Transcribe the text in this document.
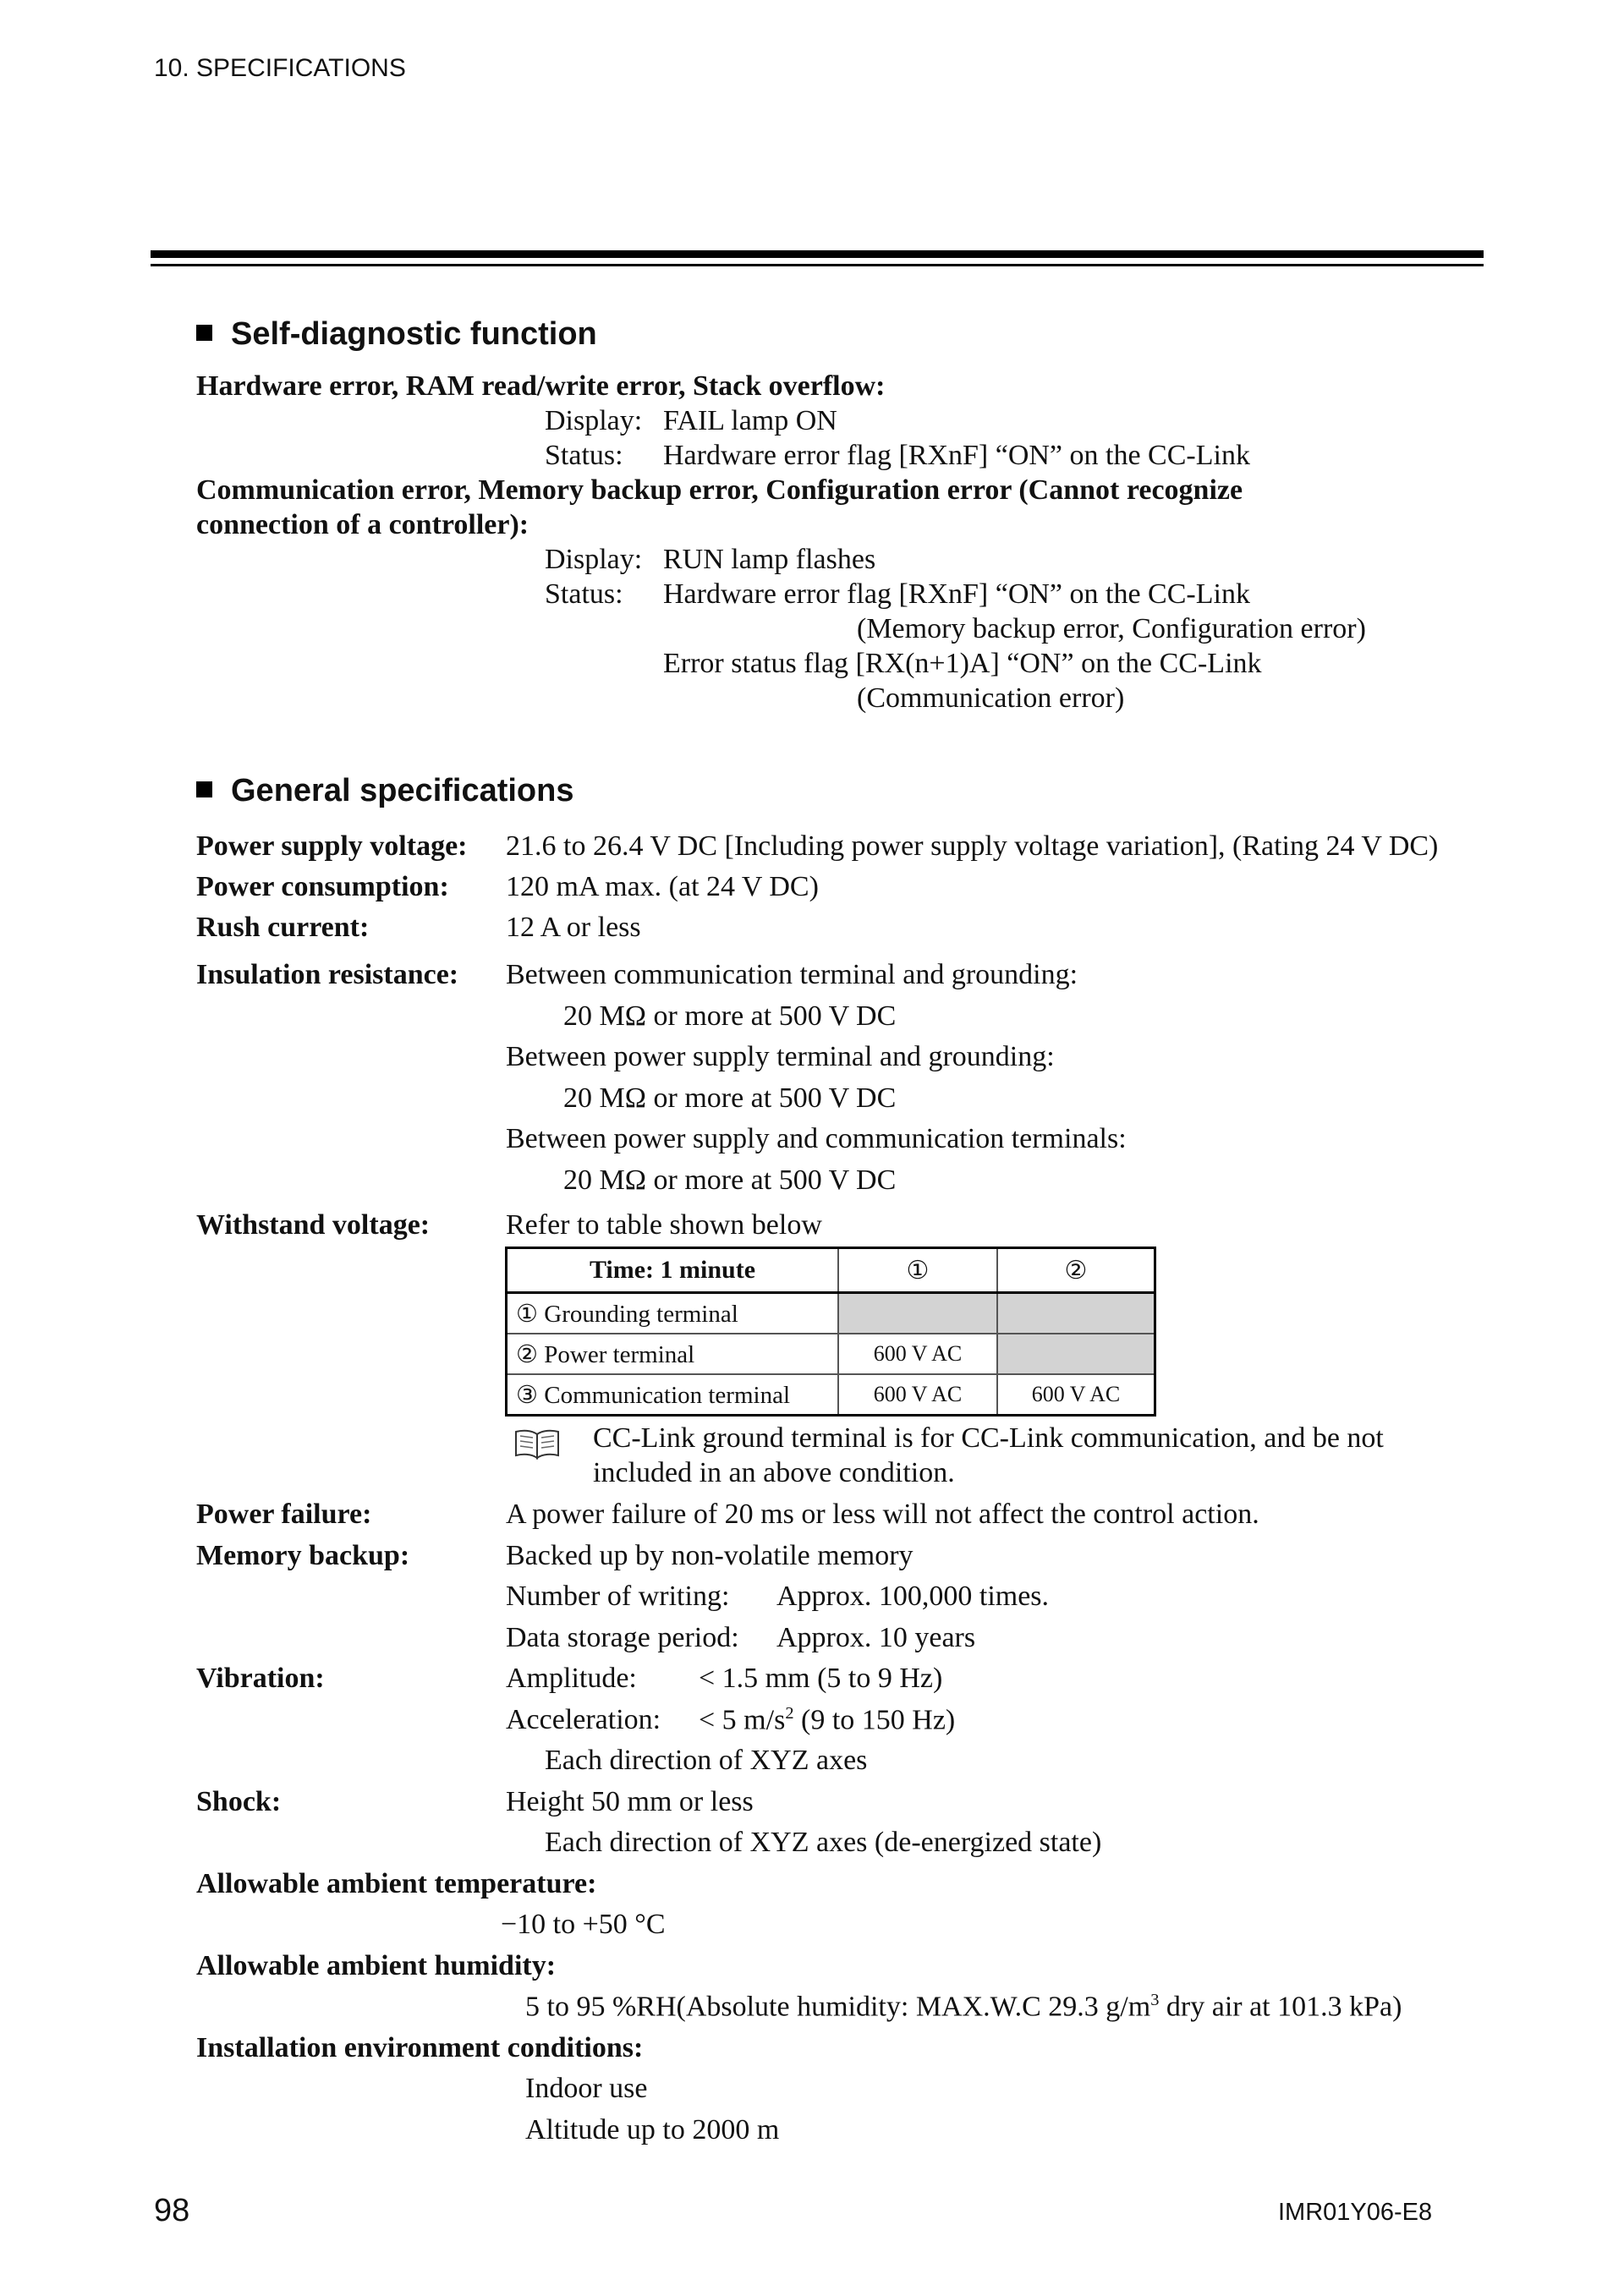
10. SPECIFICATIONS
Self-diagnostic function
Hardware error, RAM read/write error, Stack overflow:
Display: FAIL lamp ON
Status: Hardware error flag [RXnF] “ON” on the CC-Link
Communication error, Memory backup error, Configuration error (Cannot recognize
connection of a controller):
Display: RUN lamp flashes
Status: Hardware error flag [RXnF] “ON” on the CC-Link
(Memory backup error, Configuration error)
Error status flag [RX(n+1)A] “ON” on the CC-Link
(Communication error)
General specifications
Power supply voltage: 21.6 to 26.4 V DC [Including power supply voltage variation], (Rating 24 V DC)
Power consumption: 120 mA max. (at 24 V DC)
Rush current:	12 A or less
Insulation resistance: Between communication terminal and grounding:
20 MΩ or more at 500 V DC
Between power supply terminal and grounding:
20 MΩ or more at 500 V DC
Between power supply and communication terminals:
20 MΩ or more at 500 V DC
Withstand voltage:	Refer to table shown below
Time: 1 minute	①	②
① Grounding terminal		
② Power terminal	600 V AC	
③ Communication terminal	600 V AC	600 V AC
CC-Link ground terminal is for CC-Link communication, and be not
included in an above condition.
Power failure:	A power failure of 20 ms or less will not affect the control action.
Memory backup:	Backed up by non-volatile memory
Number of writing: Approx. 100,000 times.
Data storage period: Approx. 10 years
Vibration:	Amplitude: < 1.5 mm (5 to 9 Hz)
Acceleration: < 5 $m/s^2$ (9 to 150 Hz)
Each direction of XYZ axes
Shock:	Height 50 mm or less
Each direction of XYZ axes (de-energized state)
Allowable ambient temperature:
−10 to +50 °C
Allowable ambient humidity:
5 to 95 %RH(Absolute humidity: MAX.W.C 29.3 $g/m^3$ dry air at 101.3 kPa)
Installation environment conditions:
Indoor use
Altitude up to 2000 m
98	IMR01Y06-E8
